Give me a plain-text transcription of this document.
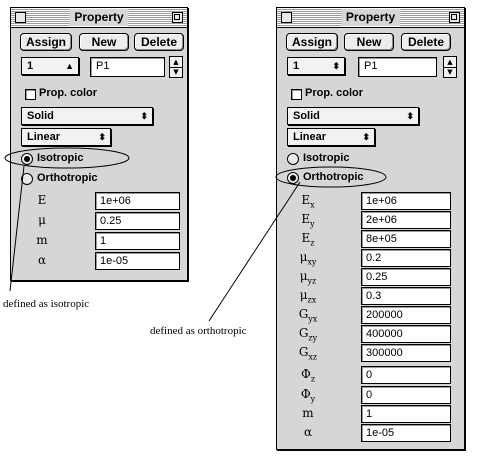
Property
Assign	New	Delete
1	▲ P1	▲
▼
Prop. color
Solid	⬍
Linear	⬍
Isotropic
Orthotropic
E	1e+06
μ	0.25
m	1
α	1e-05
Property
Assign	New	Delete
1	⬍ P1	▲
▼
Prop. color
Solid	⬍
Linear	⬍
Isotropic
Orthotropic
$E_x$	1e+06
$E_y$	2e+06
$E_z$	8e+05
$\mu_{xy}$	0.2
$\mu_{yz}$	0.25
$\mu_{zx}$	0.3
$G_{yx}$	200000
$G_{zy}$	400000
$G_{xz}$	300000
$\Phi_z$	0
$\Phi_y$	0
m	1
α	1e-05
defined as isotropic
defined as orthotropic
